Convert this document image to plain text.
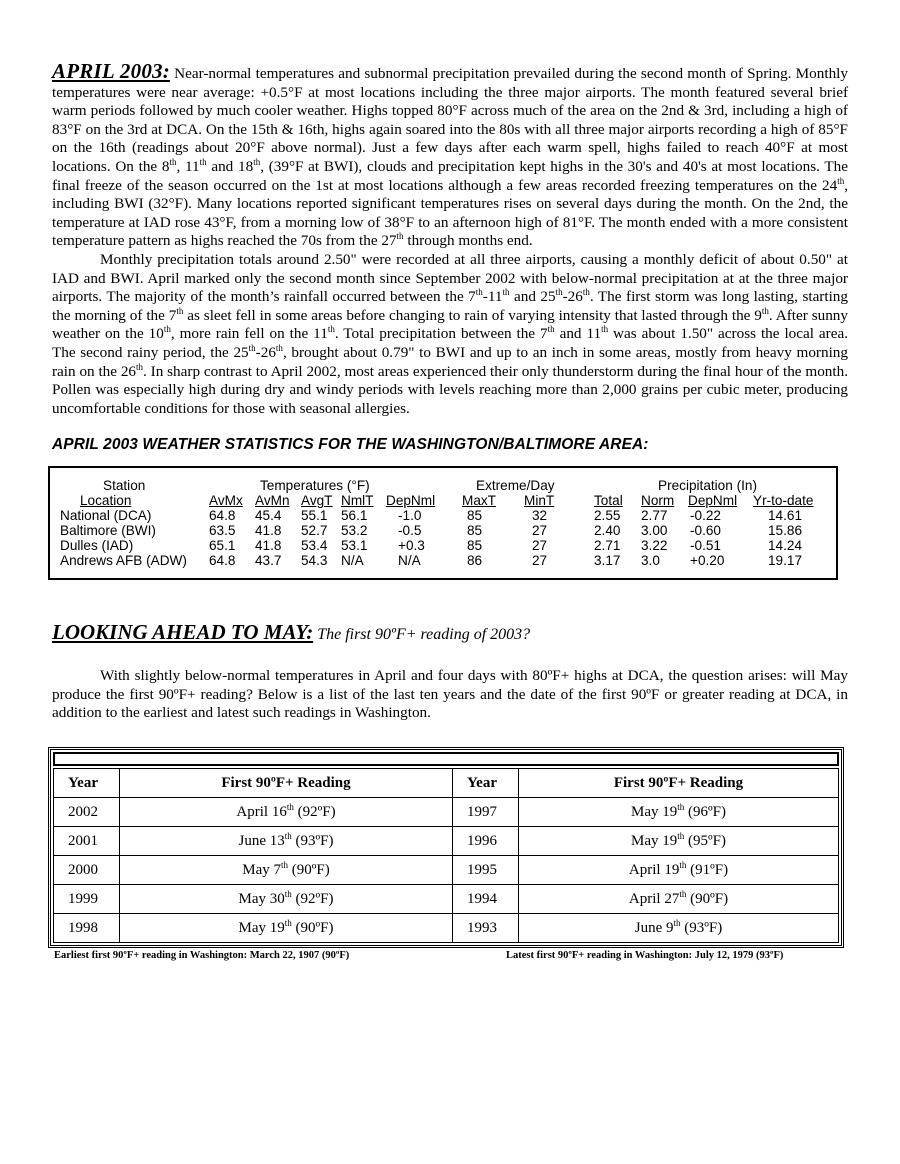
APRIL 2003: Near-normal temperatures and subnormal precipitation prevailed during the second month of Spring. Monthly temperatures were near average: +0.5°F at most locations including the three major airports. The month featured several brief warm periods followed by much cooler weather. Highs topped 80°F across much of the area on the 2nd & 3rd, including a high of 83°F on the 3rd at DCA. On the 15th & 16th, highs again soared into the 80s with all three major airports recording a high of 85°F on the 16th (readings about 20°F above normal). Just a few days after each warm spell, highs failed to reach 40°F at most locations. On the 8th, 11th and 18th, (39°F at BWI), clouds and precipitation kept highs in the 30's and 40's at most locations. The final freeze of the season occurred on the 1st at most locations although a few areas recorded freezing temperatures on the 24th, including BWI (32°F). Many locations reported significant temperatures rises on several days during the month. On the 2nd, the temperature at IAD rose 43°F, from a morning low of 38°F to an afternoon high of 81°F. The month ended with a more consistent temperature pattern as highs reached the 70s from the 27th through months end.

Monthly precipitation totals around 2.50" were recorded at all three airports, causing a monthly deficit of about 0.50" at IAD and BWI. April marked only the second month since September 2002 with below-normal precipitation at at the three major airports. The majority of the month’s rainfall occurred between the 7th-11th and 25th-26th. The first storm was long lasting, starting the morning of the 7th as sleet fell in some areas before changing to rain of varying intensity that lasted through the 9th. After sunny weather on the 10th, more rain fell on the 11th. Total precipitation between the 7th and 11th was about 1.50" across the local area. The second rainy period, the 25th-26th, brought about 0.79" to BWI and up to an inch in some areas, mostly from heavy morning rain on the 26th. In sharp contrast to April 2002, most areas experienced their only thunderstorm during the final hour of the month. Pollen was especially high during dry and windy periods with levels reaching more than 2,000 grains per cubic meter, producing uncomfortable conditions for those with seasonal allergies.

APRIL 2003 WEATHER STATISTICS FOR THE WASHINGTON/BALTIMORE AREA:
Station	Temperatures (°F)	Extreme/Day	Precipitation (In)
Location	AvMx AvMn AvgT NmlT DepNml MaxT MinT	Total Norm DepNml Yr-to-date
National (DCA)	64.8 45.4 55.1 56.1 -1.0	85	32	2.55 2.77 -0.22	14.61
Baltimore (BWI)	63.5 41.8 52.7 53.2 -0.5	85	27	2.40 3.00 -0.60	15.86
Dulles (IAD)	65.1 41.8 53.4 53.1 +0.3	85	27	2.71 3.22 -0.51	14.24
Andrews AFB (ADW) 64.8 43.7 54.3 N/A	N/A	86	27	3.17 3.0 +0.20	19.17
LOOKING AHEAD TO MAY: The first 90ºF+ reading of 2003?

With slightly below-normal temperatures in April and four days with 80ºF+ highs at DCA, the question arises: will May produce the first 90ºF+ reading? Below is a list of the last ten years and the date of the first 90ºF or greater reading at DCA, in addition to the earliest and latest such readings in Washington.

Year	First 90ºF+ Reading	Year	First 90ºF+ Reading
2002	April 16th (92ºF)	1997	May 19th (96ºF)
2001	June 13th (93ºF)	1996	May 19th (95ºF)
2000	May 7th (90ºF)	1995	April 19th (91ºF)
1999	May 30th (92ºF)	1994	April 27th (90ºF)
1998	May 19th (90ºF)	1993	June 9th (93ºF)
Earliest first 90ºF+ reading in Washington: March 22, 1907 (90ºF)	Latest first 90ºF+ reading in Washington: July 12, 1979 (93ºF)
